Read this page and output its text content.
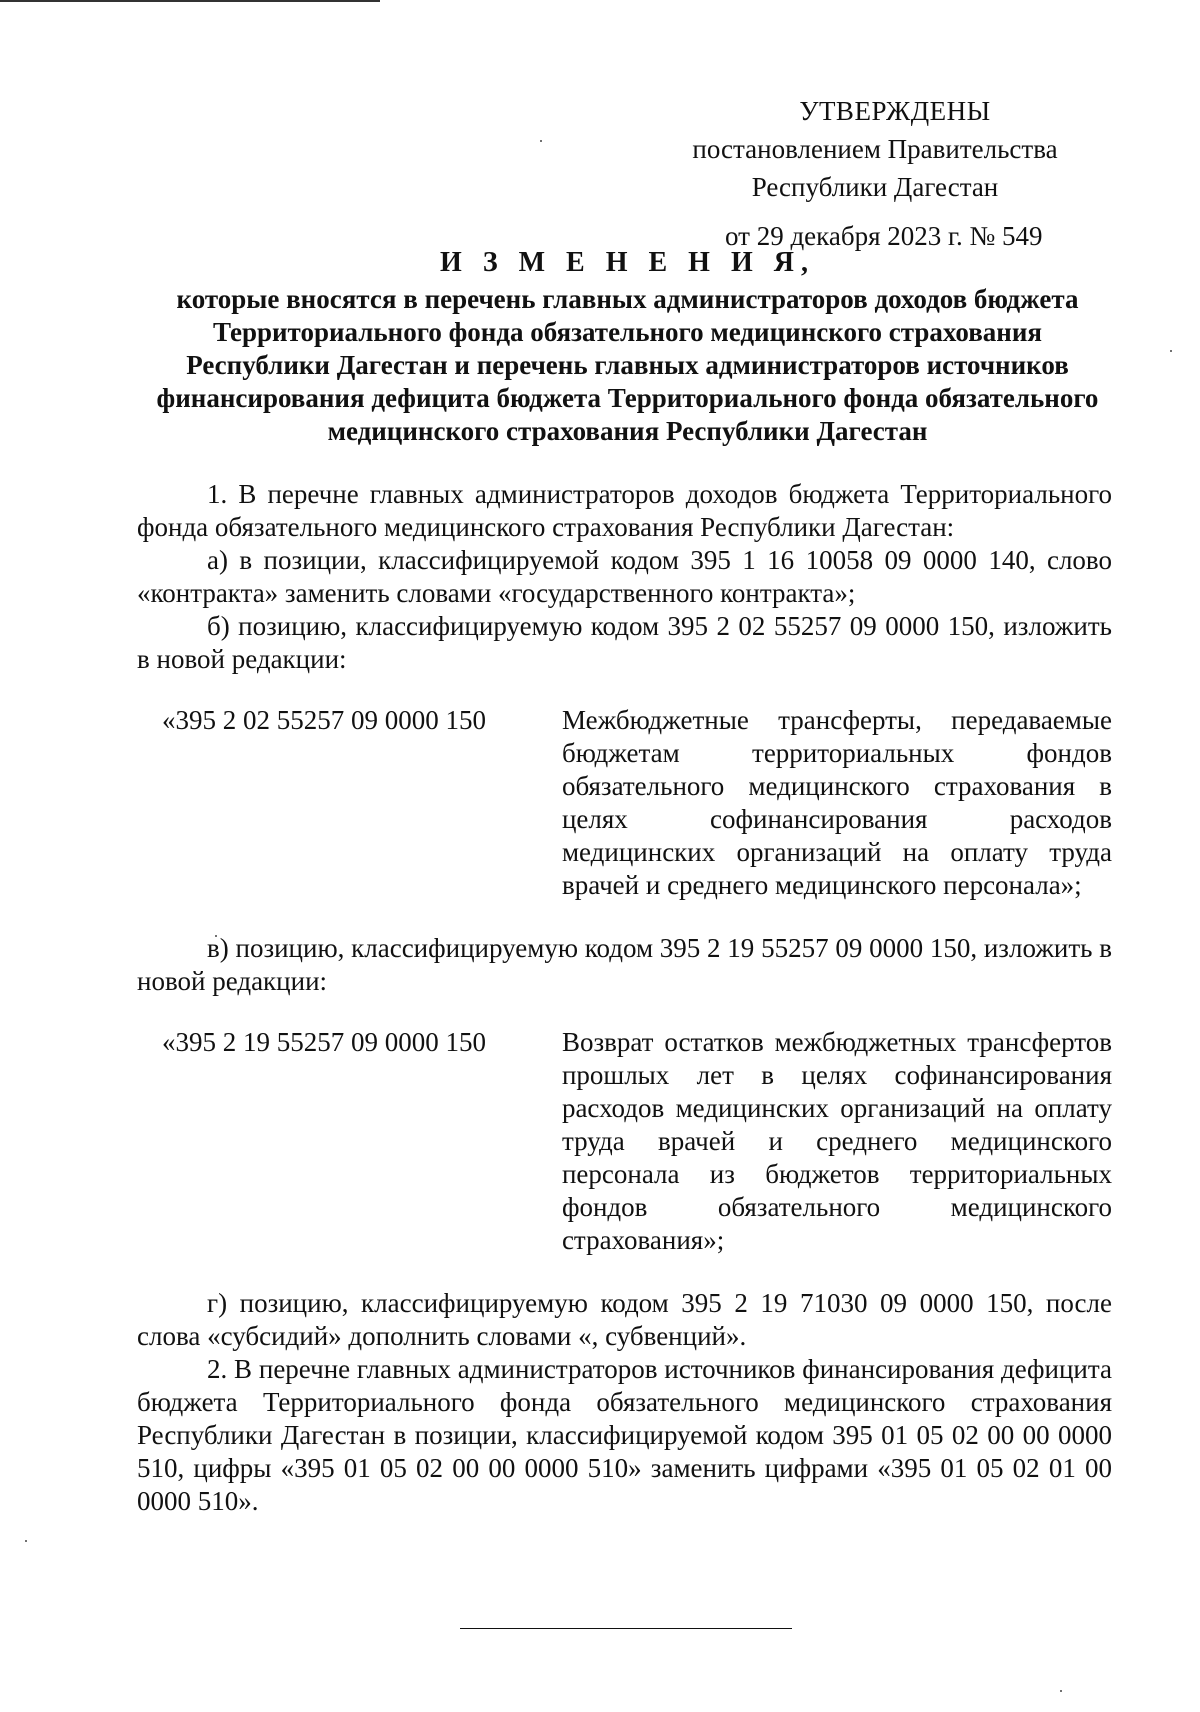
УТВЕРЖДЕНЫ
постановлением Правительства
Республики Дагестан
от 29 декабря 2023 г. № 549
И З М Е Н Е Н И Я,
которые вносятся в перечень главных администраторов доходов бюджета Территориального фонда обязательного медицинского страхования Республики Дагестан и перечень главных администраторов источников финансирования дефицита бюджета Территориального фонда обязательного медицинского страхования Республики Дагестан

1. В перечне главных администраторов доходов бюджета Территориального фонда обязательного медицинского страхования Республики Дагестан:

а) в позиции, классифицируемой кодом 395 1 16 10058 09 0000 140, слово «контракта» заменить словами «государственного контракта»;

б) позицию, классифицируемую кодом 395 2 02 55257 09 0000 150, изложить в новой редакции:

«395 2 02 55257 09 0000 150	Межбюджетные трансферты, передаваемые бюджетам территориальных фондов обязательного медицинского страхования в целях софинансирования расходов медицинских организаций на оплату труда врачей и среднего медицинского персонала»;

в) позицию, классифицируемую кодом 395 2 19 55257 09 0000 150, изложить в новой редакции:

«395 2 19 55257 09 0000 150	Возврат остатков межбюджетных трансфертов прошлых лет в целях софинансирования расходов медицинских организаций на оплату труда врачей и среднего медицинского персонала из бюджетов территориальных фондов обязательного медицинского страхования»;

г) позицию, классифицируемую кодом 395 2 19 71030 09 0000 150, после слова «субсидий» дополнить словами «, субвенций».

2. В перечне главных администраторов источников финансирования дефицита бюджета Территориального фонда обязательного медицинского страхования Республики Дагестан в позиции, классифицируемой кодом 395 01 05 02 00 00 0000 510, цифры «395 01 05 02 00 00 0000 510» заменить цифрами «395 01 05 02 01 00 0000 510».
